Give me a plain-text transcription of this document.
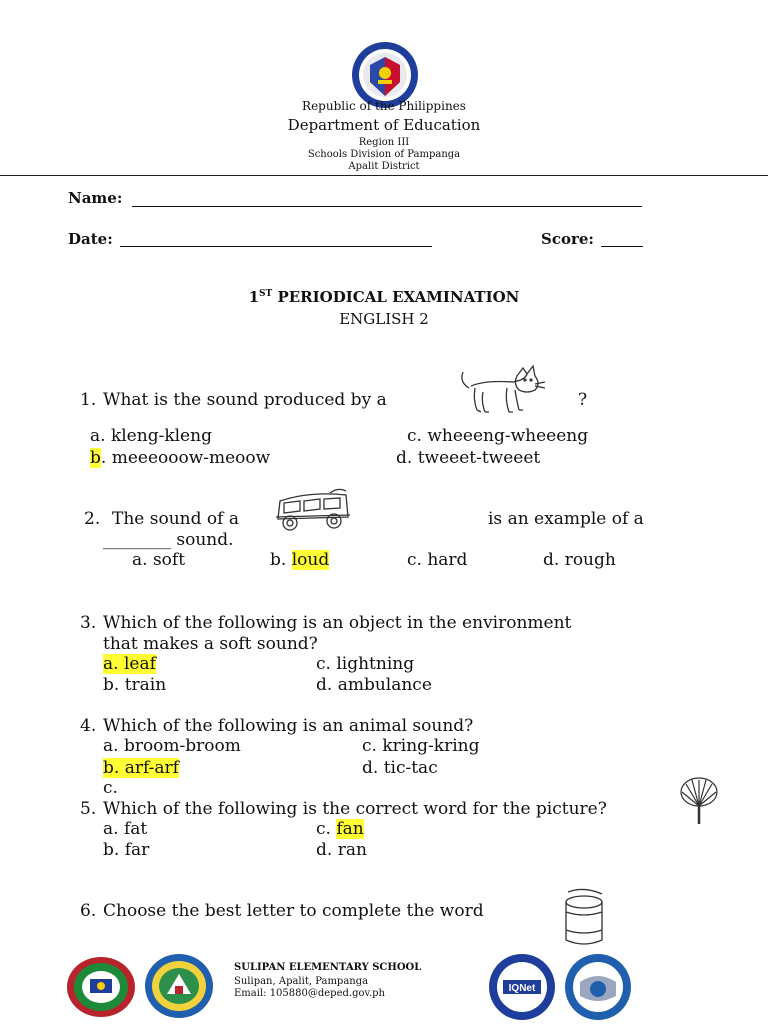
Republic of the Philippines
Department of Education
Region III
Schools Division of Pampanga
Apalit District
Name:
Date:	Score:
1ST PERIODICAL EXAMINATION
ENGLISH 2
1. What is the sound produced by a	?
a. kleng-kleng	c. wheeeng-wheeeng
b. meeeooow-meoow	d. tweeet-tweeet
2. The sound of a	is an example of a
________ sound.
a. soft	b. loud	c. hard	d. rough
3. Which of the following is an object in the environment
that makes a soft sound?
a. leaf	c. lightning
b. train	d. ambulance
4. Which of the following is an animal sound?
a. broom-broom	c. kring-kring
b. arf-arf	d. tic-tac
c.
5. Which of the following is the correct word for the picture?
a. fat	c. fan
b. far	d. ran
6. Choose the best letter to complete the word
SULIPAN ELEMENTARY SCHOOL
Sulipan, Apalit, Pampanga
Email: 105880@deped.gov.ph	IQNet
